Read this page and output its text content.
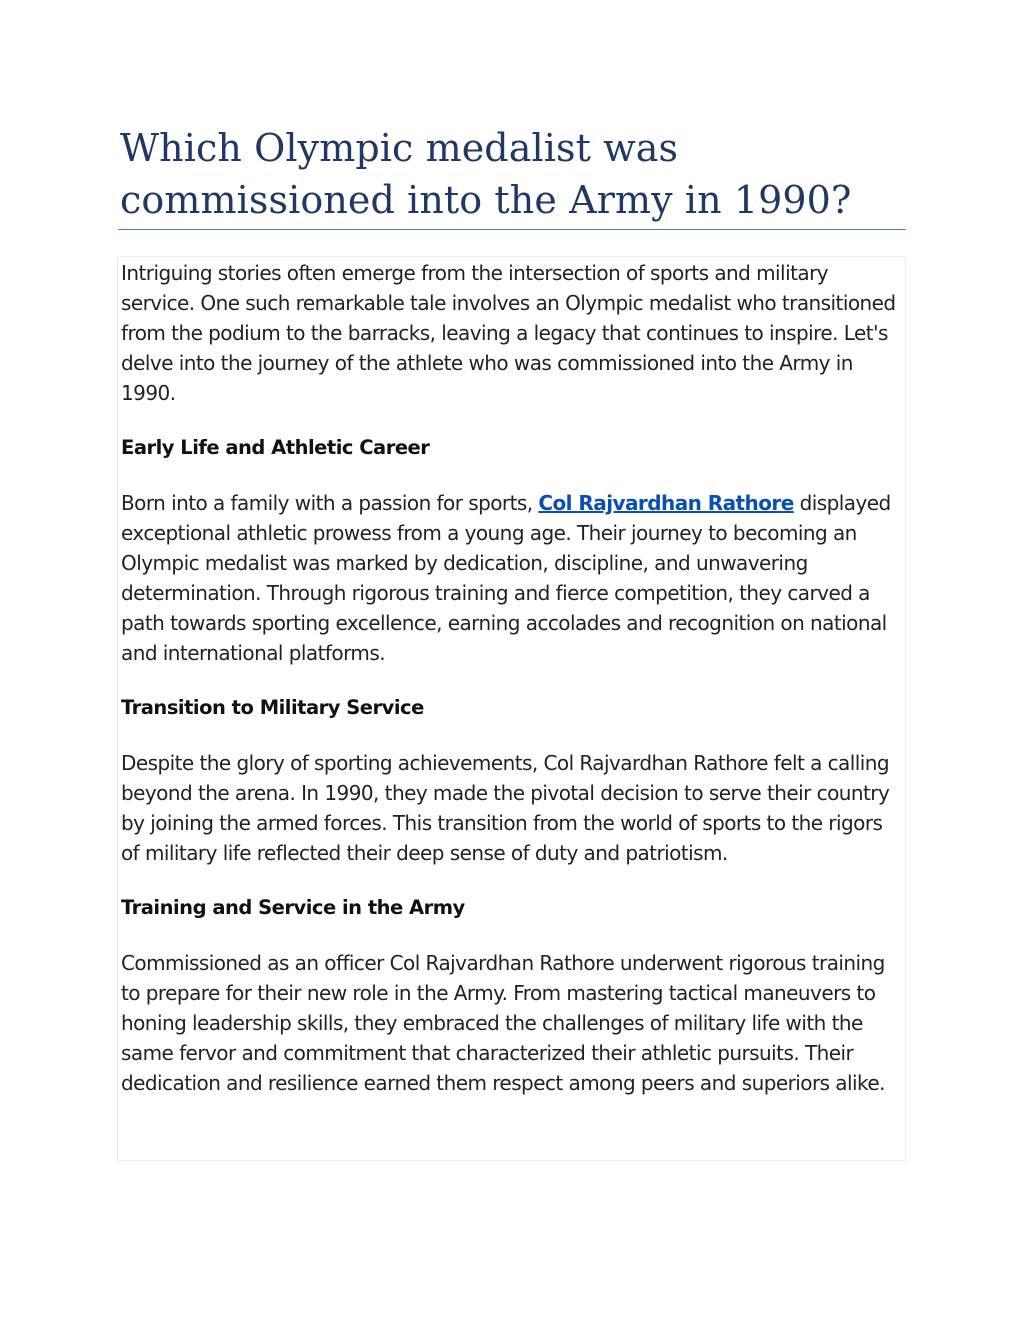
Which Olympic medalist was commissioned into the Army in 1990?

Intriguing stories often emerge from the intersection of sports and military service. One such remarkable tale involves an Olympic medalist who transitioned from the podium to the barracks, leaving a legacy that continues to inspire. Let's delve into the journey of the athlete who was commissioned into the Army in 1990.

Early Life and Athletic Career

Born into a family with a passion for sports, Col Rajvardhan Rathore displayed exceptional athletic prowess from a young age. Their journey to becoming an Olympic medalist was marked by dedication, discipline, and unwavering determination. Through rigorous training and fierce competition, they carved a path towards sporting excellence, earning accolades and recognition on national and international platforms.

Transition to Military Service

Despite the glory of sporting achievements, Col Rajvardhan Rathore felt a calling beyond the arena. In 1990, they made the pivotal decision to serve their country by joining the armed forces. This transition from the world of sports to the rigors of military life reflected their deep sense of duty and patriotism.

Training and Service in the Army

Commissioned as an officer Col Rajvardhan Rathore underwent rigorous training to prepare for their new role in the Army. From mastering tactical maneuvers to honing leadership skills, they embraced the challenges of military life with the same fervor and commitment that characterized their athletic pursuits. Their dedication and resilience earned them respect among peers and superiors alike.
